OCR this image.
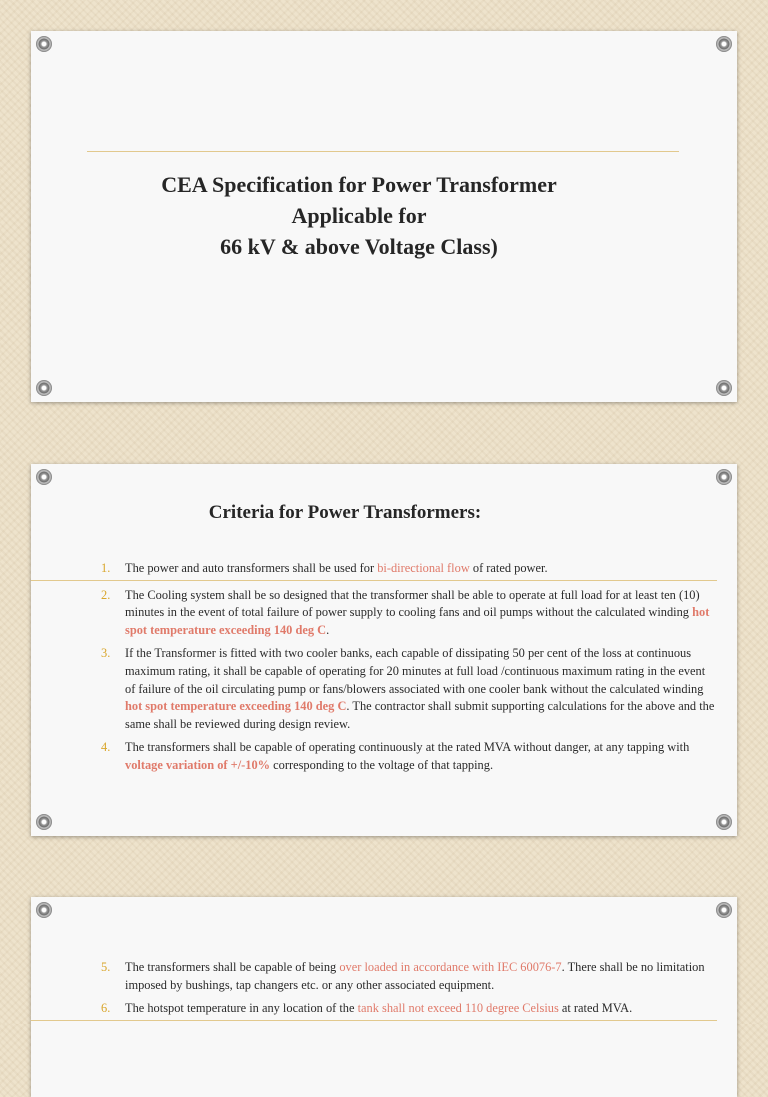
CEA Specification for Power Transformer
Applicable for
66 kV & above Voltage Class)
Criteria for Power Transformers:
1. The power and auto transformers shall be used for bi-directional flow of rated power.
2. The Cooling system shall be so designed that the transformer shall be able to operate at full load for at least ten (10) minutes in the event of total failure of power supply to cooling fans and oil pumps without the calculated winding hot spot temperature exceeding 140 deg C.
3. If the Transformer is fitted with two cooler banks, each capable of dissipating 50 per cent of the loss at continuous maximum rating, it shall be capable of operating for 20 minutes at full load /continuous maximum rating in the event of failure of the oil circulating pump or fans/blowers associated with one cooler bank without the calculated winding hot spot temperature exceeding 140 deg C. The contractor shall submit supporting calculations for the above and the same shall be reviewed during design review.
4. The transformers shall be capable of operating continuously at the rated MVA without danger, at any tapping with voltage variation of +/-10% corresponding to the voltage of that tapping.
5. The transformers shall be capable of being over loaded in accordance with IEC 60076-7. There shall be no limitation imposed by bushings, tap changers etc. or any other associated equipment.
6. The hotspot temperature in any location of the tank shall not exceed 110 degree Celsius at rated MVA.
